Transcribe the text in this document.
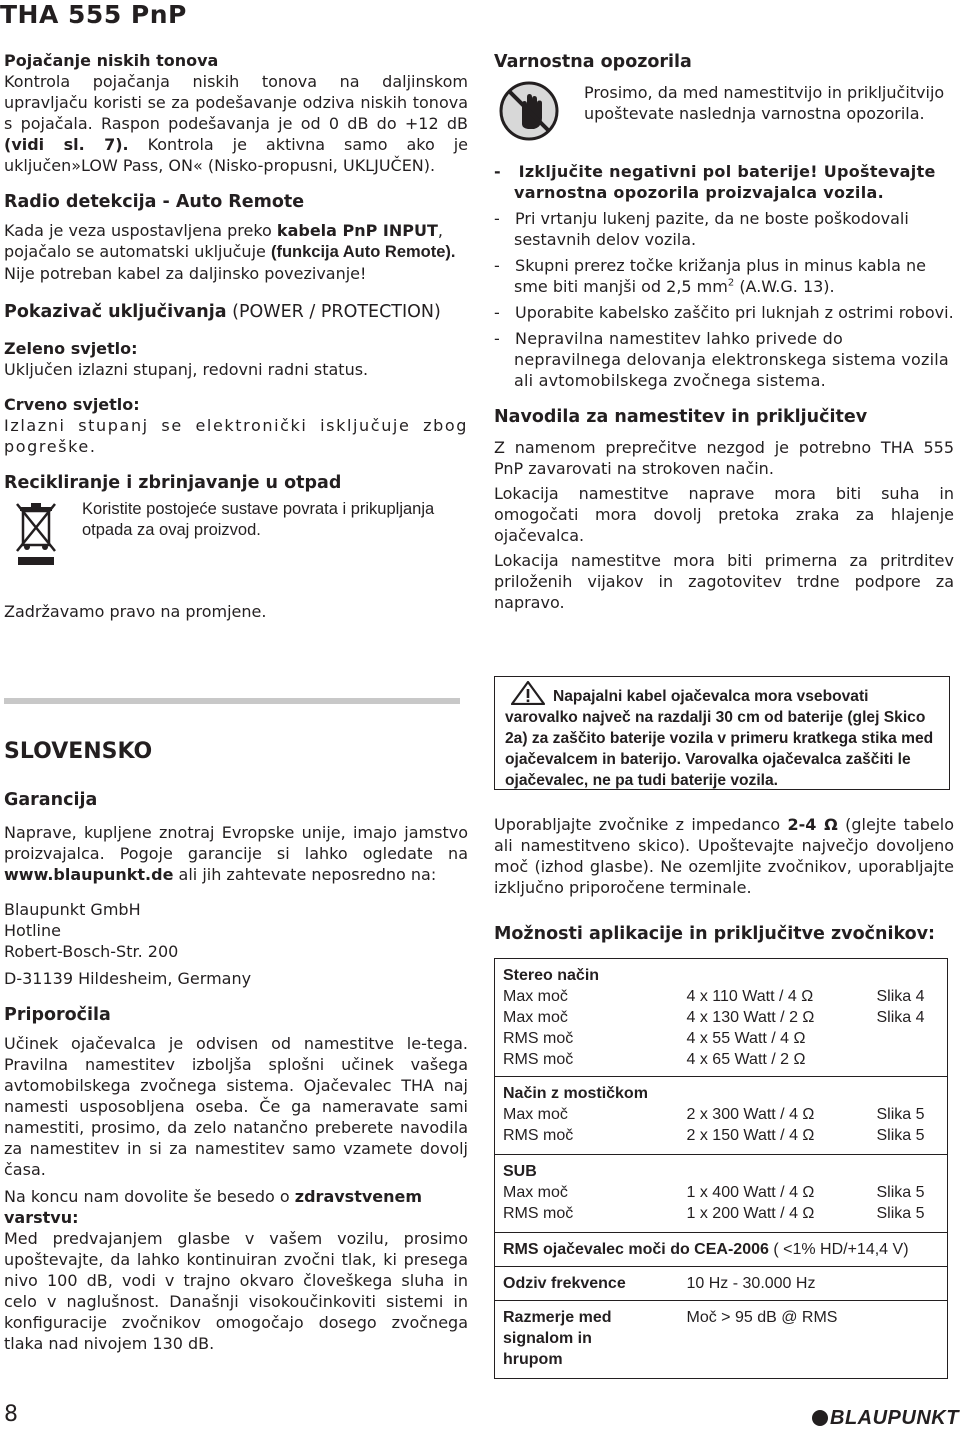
THA 555 PnP
Pojačanje niskih tonova

Kontrola pojačanja niskih tonova na daljinskom upravljaču koristi se za podešavanje odziva niskih tonova s pojačala. Raspon podešavanja je od 0 dB do +12 dB (vidi sl. 7). Kontrola je aktivna samo ako je uključen»LOW Pass, ON« (Nisko-propusni, UKLJUČEN).

Radio detekcija - Auto Remote

Kada je veza uspostavljena preko kabela PnP INPUT, pojačalo se automatski uključuje (funkcija Auto Remote). Nije potreban kabel za daljinsko povezivanje!

Pokazivač uključivanja (POWER / PROTECTION)

Zeleno svjetlo:

Uključen izlazni stupanj, redovni radni status.

Crveno svjetlo:

Izlazni stupanj se elektronički isključuje zbog pogreške.

Recikliranje i zbrinjavanje u otpad

Koristite postojeće sustave povrata i prikupljanja otpada za ovaj proizvod.

Zadržavamo pravo na promjene.

SLOVENSKO
Garancija

Naprave, kupljene znotraj Evropske unije, imajo jamstvo proizvajalca. Pogoje garancije si lahko ogledate na www.blaupunkt.de ali jih zahtevate neposredno na:

Blaupunkt GmbH

Hotline

Robert-Bosch-Str. 200

D-31139 Hildesheim, Germany

Priporočila

Učinek ojačevalca je odvisen od namestitve le-tega. Pravilna namestitev izboljša splošni učinek vašega avtomobilskega zvočnega sistema. Ojačevalec THA naj namesti usposobljena oseba. Če ga nameravate sami namestiti, prosimo, da zelo natančno preberete navodila za namestitev in si za namestitev samo vzamete dovolj časa.

Na koncu nam dovolite še besedo o zdravstvenem varstvu:

Med predvajanjem glasbe v vašem vozilu, prosimo upoštevajte, da lahko kontinuiran zvočni tlak, ki presega nivo 100 dB, vodi v trajno okvaro človeškega sluha in celo v naglušnost. Današnji visokoučinkoviti sistemi in konfiguracije zvočnikov omogočajo dosego zvočnega tlaka nad nivojem 130 dB.

Varnostna opozorila

Prosimo, da med namestitvijo in priključitvijo upoštevate naslednja varnostna opozorila.

-   Izključite negativni pol baterije! Upoštevajte varnostna opozorila proizvajalca vozila.

-   Pri vrtanju lukenj pazite, da ne boste poškodovali sestavnih delov vozila.

-   Skupni prerez točke križanja plus in minus kabla ne sme biti manjši od 2,5 $mm^2$ (A.W.G. 13).

-   Uporabite kabelsko zaščito pri luknjah z ostrimi robovi.

-   Nepravilna namestitev lahko privede do nepravilnega delovanja elektronskega sistema vozila ali avtomobilskega zvočnega sistema.

Navodila za namestitev in priključitev

Z namenom preprečitve nezgod je potrebno THA 555 PnP zavarovati na strokoven način.

Lokacija namestitve naprave mora biti suha in omogočati mora dovolj pretoka zraka za hlajenje ojačevalca.

Lokacija namestitve mora biti primerna za pritrditev priloženih vijakov in zagotovitev trdne podpore za napravo.

Napajalni kabel ojačevalca mora vsebovati varovalko največ na razdalji 30 cm od baterije (glej Skico 2a) za zaščito baterije vozila v primeru kratkega stika med ojačevalcem in baterijo. Varovalka ojačevalca zaščiti le ojačevalec, ne pa tudi baterije vozila.

Uporabljajte zvočnike z impedanco 2-4 Ω (glejte tabelo ali namestitveno skico). Upoštevajte največjo dovoljeno moč (izhod glasbe). Ne ozemljite zvočnikov, uporabljajte izključno priporočene terminale.

Možnosti aplikacije in priključitve zvočnikov:
Stereo način		
Max moč	4 x 110 Watt / 4 Ω	Slika 4
Max moč	4 x 130 Watt / 2 Ω	Slika 4
RMS moč	4 x 55 Watt / 4 Ω	
RMS moč	4 x 65 Watt / 2 Ω	
Način z mostičkom		
Max moč	2 x 300 Watt / 4 Ω	Slika 5
RMS moč	2 x 150 Watt / 4 Ω	Slika 5
SUB		
Max moč	1 x 400 Watt / 4 Ω	Slika 5
RMS moč	1 x 200 Watt / 4 Ω	Slika 5
RMS ojačevalec moči do CEA-2006 ( <1% HD/+14,4 V)		
Odziv frekvence	10 Hz - 30.000 Hz	
Razmerje med signalom in hrupom	Moč > 95 dB @ RMS	
8	BLAUPUNKT
